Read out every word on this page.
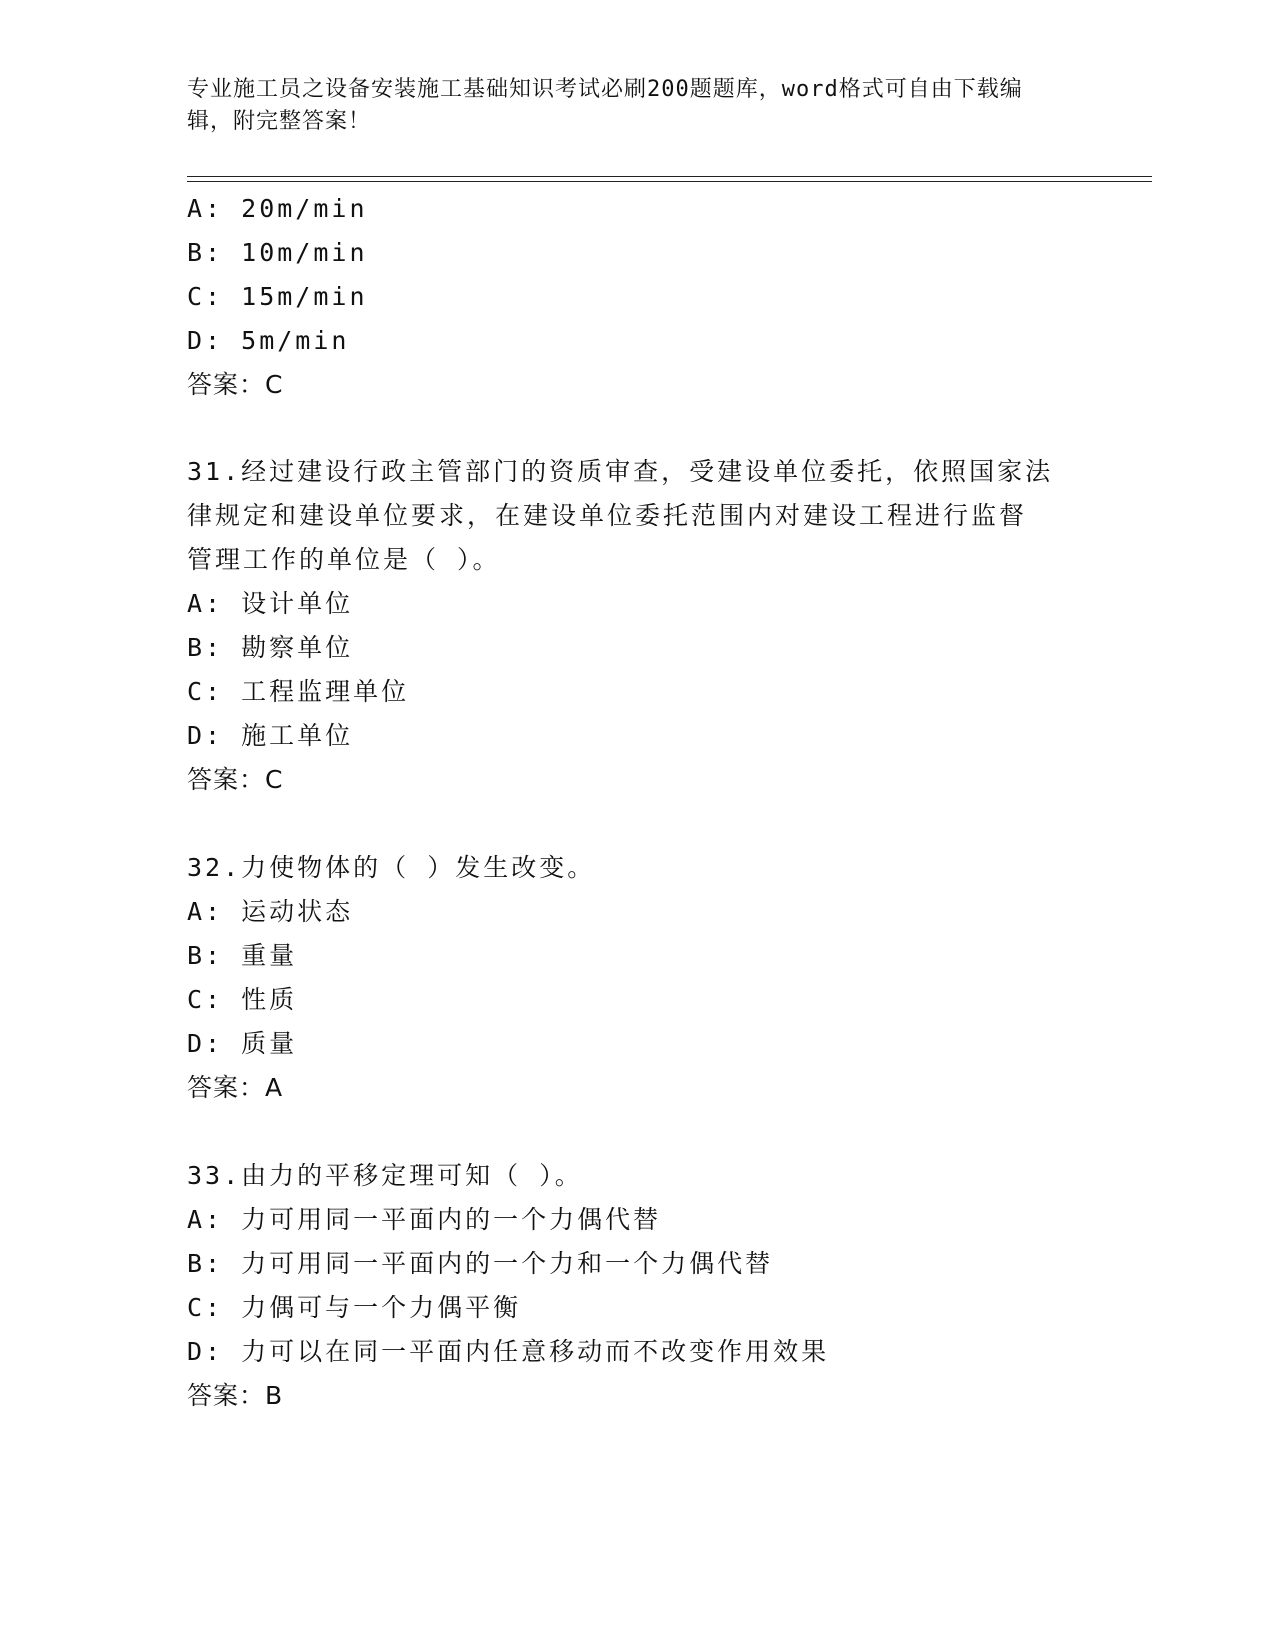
专业施工员之设备安装施工基础知识考试必刷200题题库，word格式可自由下载编辑，附完整答案！
A: 20m/min
B: 10m/min
C: 15m/min
D: 5m/min
答案：C
31.经过建设行政主管部门的资质审查，受建设单位委托，依照国家法
律规定和建设单位要求，在建设单位委托范围内对建设工程进行监督
管理工作的单位是（ ）。
A: 设计单位
B: 勘察单位
C: 工程监理单位
D: 施工单位
答案：C
32.力使物体的（ ）发生改变。
A: 运动状态
B: 重量
C: 性质
D: 质量
答案：A
33.由力的平移定理可知（ ）。
A: 力可用同一平面内的一个力偶代替
B: 力可用同一平面内的一个力和一个力偶代替
C: 力偶可与一个力偶平衡
D: 力可以在同一平面内任意移动而不改变作用效果
答案：B
